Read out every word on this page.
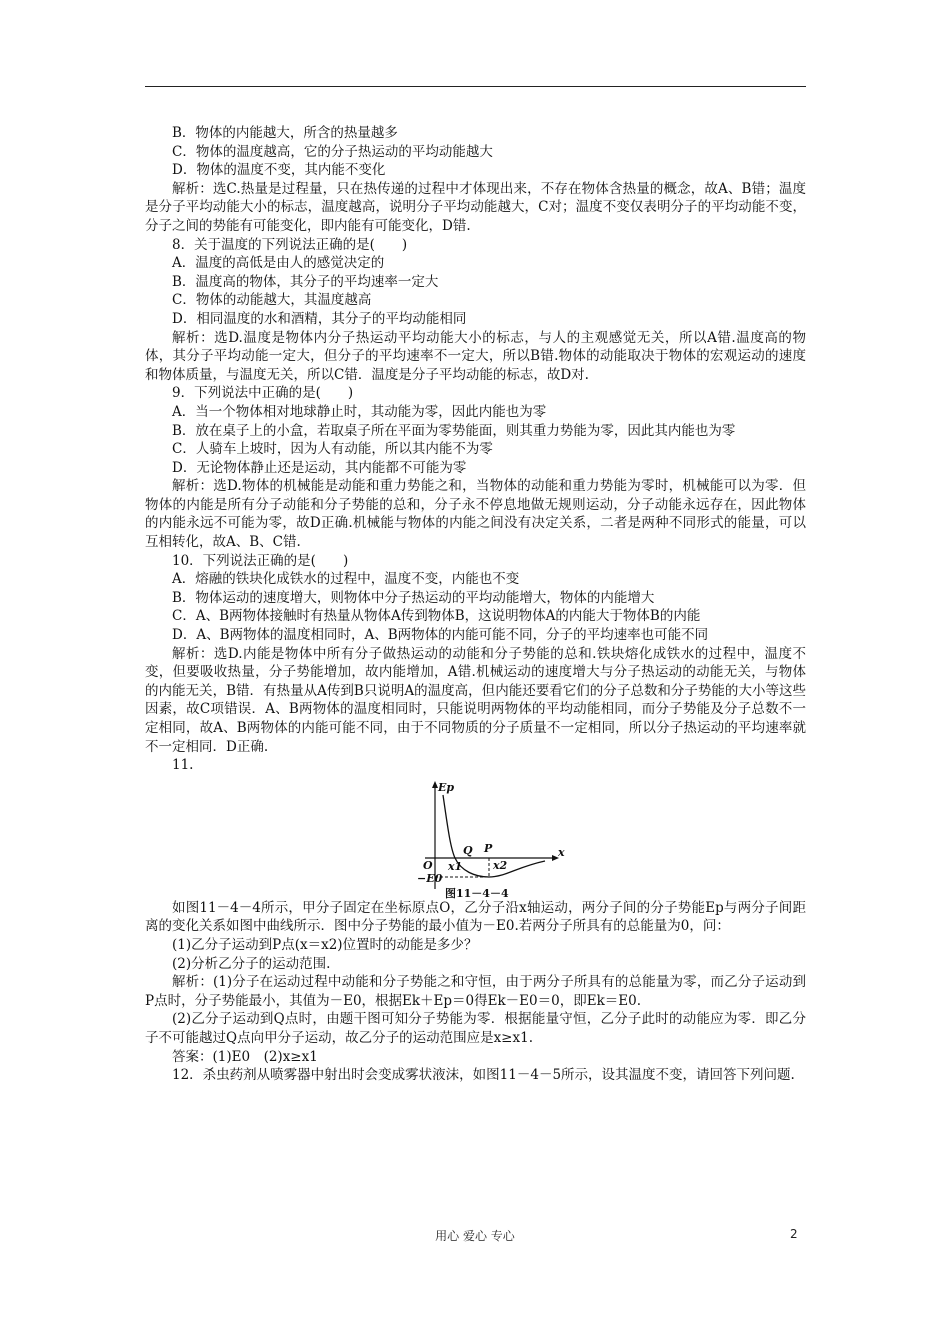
B．物体的内能越大，所含的热量越多

C．物体的温度越高，它的分子热运动的平均动能越大

D．物体的温度不变，其内能不变化

解析：选C.热量是过程量，只在热传递的过程中才体现出来，不存在物体含热量的概念，故A、B错；温度是分子平均动能大小的标志，温度越高，说明分子平均动能越大，C对；温度不变仅表明分子的平均动能不变，分子之间的势能有可能变化，即内能有可能变化，D错.

8．关于温度的下列说法正确的是(　　)

A．温度的高低是由人的感觉决定的

B．温度高的物体，其分子的平均速率一定大

C．物体的动能越大，其温度越高

D．相同温度的水和酒精，其分子的平均动能相同

解析：选D.温度是物体内分子热运动平均动能大小的标志，与人的主观感觉无关，所以A错.温度高的物体，其分子平均动能一定大，但分子的平均速率不一定大，所以B错.物体的动能取决于物体的宏观运动的速度和物体质量，与温度无关，所以C错．温度是分子平均动能的标志，故D对.

9．下列说法中正确的是(　　)

A．当一个物体相对地球静止时，其动能为零，因此内能也为零

B．放在桌子上的小盒，若取桌子所在平面为零势能面，则其重力势能为零，因此其内能也为零

C．人骑车上坡时，因为人有动能，所以其内能不为零

D．无论物体静止还是运动，其内能都不可能为零

解析：选D.物体的机械能是动能和重力势能之和，当物体的动能和重力势能为零时，机械能可以为零．但物体的内能是所有分子动能和分子势能的总和，分子永不停息地做无规则运动，分子动能永远存在，因此物体的内能永远不可能为零，故D正确.机械能与物体的内能之间没有决定关系，二者是两种不同形式的能量，可以互相转化，故A、B、C错.

10．下列说法正确的是(　　)

A．熔融的铁块化成铁水的过程中，温度不变，内能也不变

B．物体运动的速度增大，则物体中分子热运动的平均动能增大，物体的内能增大

C．A、B两物体接触时有热量从物体A传到物体B，这说明物体A的内能大于物体B的内能

D．A、B两物体的温度相同时，A、B两物体的内能可能不同，分子的平均速率也可能不同

解析：选D.内能是物体中所有分子做热运动的动能和分子势能的总和.铁块熔化成铁水的过程中，温度不变，但要吸收热量，分子势能增加，故内能增加，A错.机械运动的速度增大与分子热运动的动能无关，与物体的内能无关，B错．有热量从A传到B只说明A的温度高，但内能还要看它们的分子总数和分子势能的大小等这些因素，故C项错误．A、B两物体的温度相同时，只能说明两物体的平均动能相同，而分子势能及分子总数不一定相同，故A、B两物体的内能可能不同，由于不同物质的分子质量不一定相同，所以分子热运动的平均速率就不一定相同．D正确.

11.

Ep
x
O
−E0
Q P
x1	x2
图11－4－4

如图11－4－4所示，甲分子固定在坐标原点O，乙分子沿x轴运动，两分子间的分子势能Ep与两分子间距离的变化关系如图中曲线所示．图中分子势能的最小值为－E0.若两分子所具有的总能量为0，问：

(1)乙分子运动到P点(x＝x2)位置时的动能是多少？

(2)分析乙分子的运动范围.

解析：(1)分子在运动过程中动能和分子势能之和守恒，由于两分子所具有的总能量为零，而乙分子运动到P点时，分子势能最小，其值为－E0，根据Ek＋Ep＝0得Ek－E0＝0，即Ek＝E0.

(2)乙分子运动到Q点时，由题干图可知分子势能为零．根据能量守恒，乙分子此时的动能应为零．即乙分子不可能越过Q点向甲分子运动，故乙分子的运动范围应是x≥x1.

答案：(1)E0　(2)x≥x1

12．杀虫药剂从喷雾器中射出时会变成雾状液沫，如图11－4－5所示，设其温度不变，请回答下列问题.

用心 爱心 专心	2
